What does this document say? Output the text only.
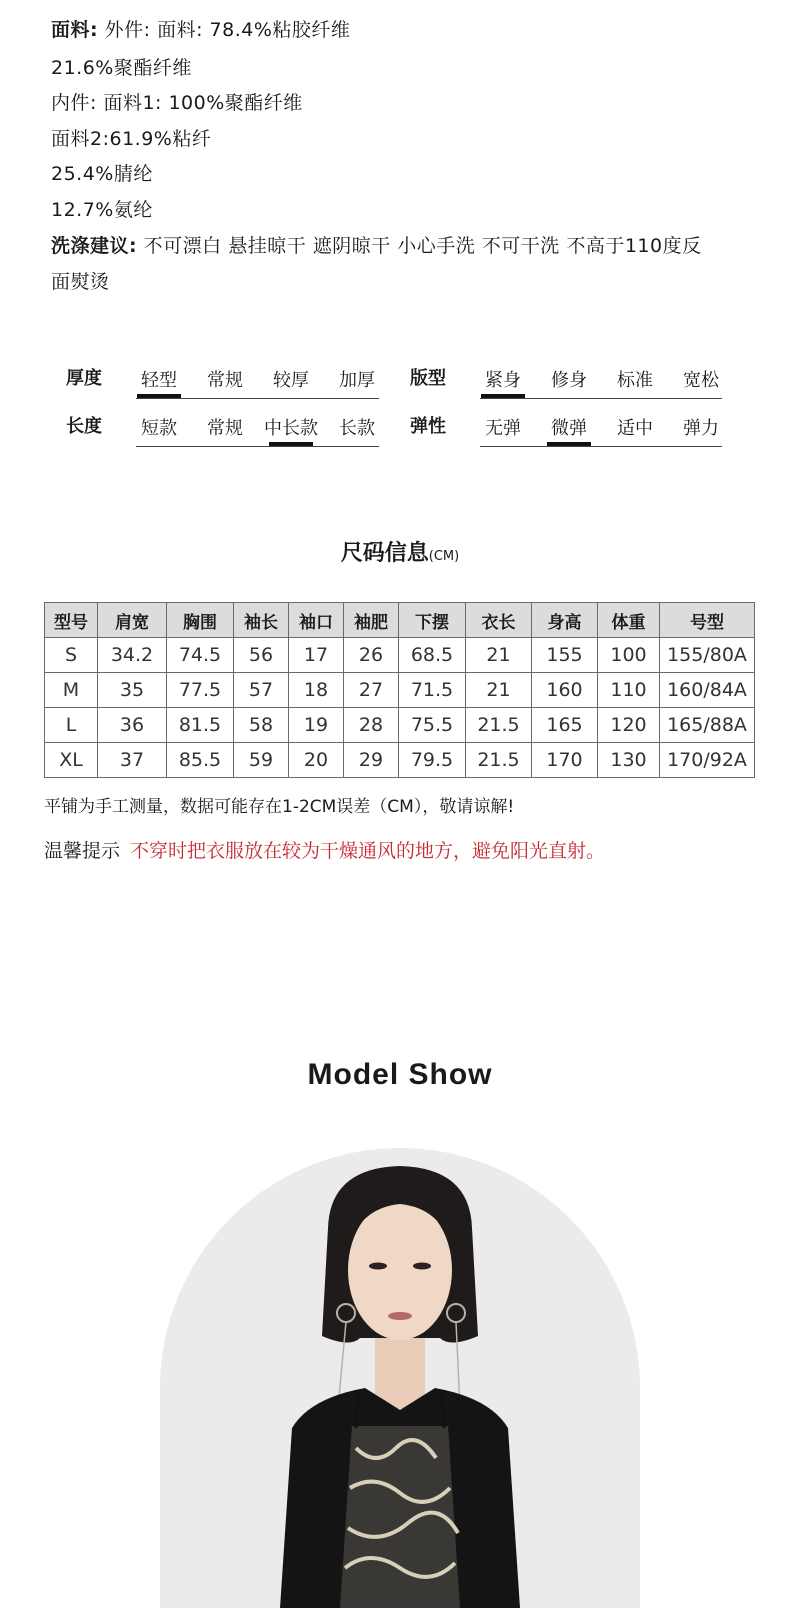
面料: 外件: 面料: 78.4%粘胶纤维
21.6%聚酯纤维
内件: 面料1: 100%聚酯纤维
面料2:61.9%粘纤
25.4%腈纶
12.7%氨纶
洗涤建议: 不可漂白 悬挂晾干 遮阴晾干 小心手洗 不可干洗 不高于110度反
面熨烫
厚度	轻型	常规	较厚	加厚	版型	紧身	修身	标准	宽松
长度	短款	常规	中长款	长款	弹性	无弹	微弹	适中	弹力
尺码信息(CM)
型号	肩宽	胸围	袖长	袖口	袖肥	下摆	衣长	身高	体重	号型
S	34.2	74.5	56	17	26	68.5	21	155	100	155/80A
M	35	77.5	57	18	27	71.5	21	160	110	160/84A
L	36	81.5	58	19	28	75.5	21.5	165	120	165/88A
XL	37	85.5	59	20	29	79.5	21.5	170	130	170/92A
平铺为手工测量，数据可能存在1-2CM误差（CM），敬请谅解!
温馨提示 不穿时把衣服放在较为干燥通风的地方，避免阳光直射。
Model Show
